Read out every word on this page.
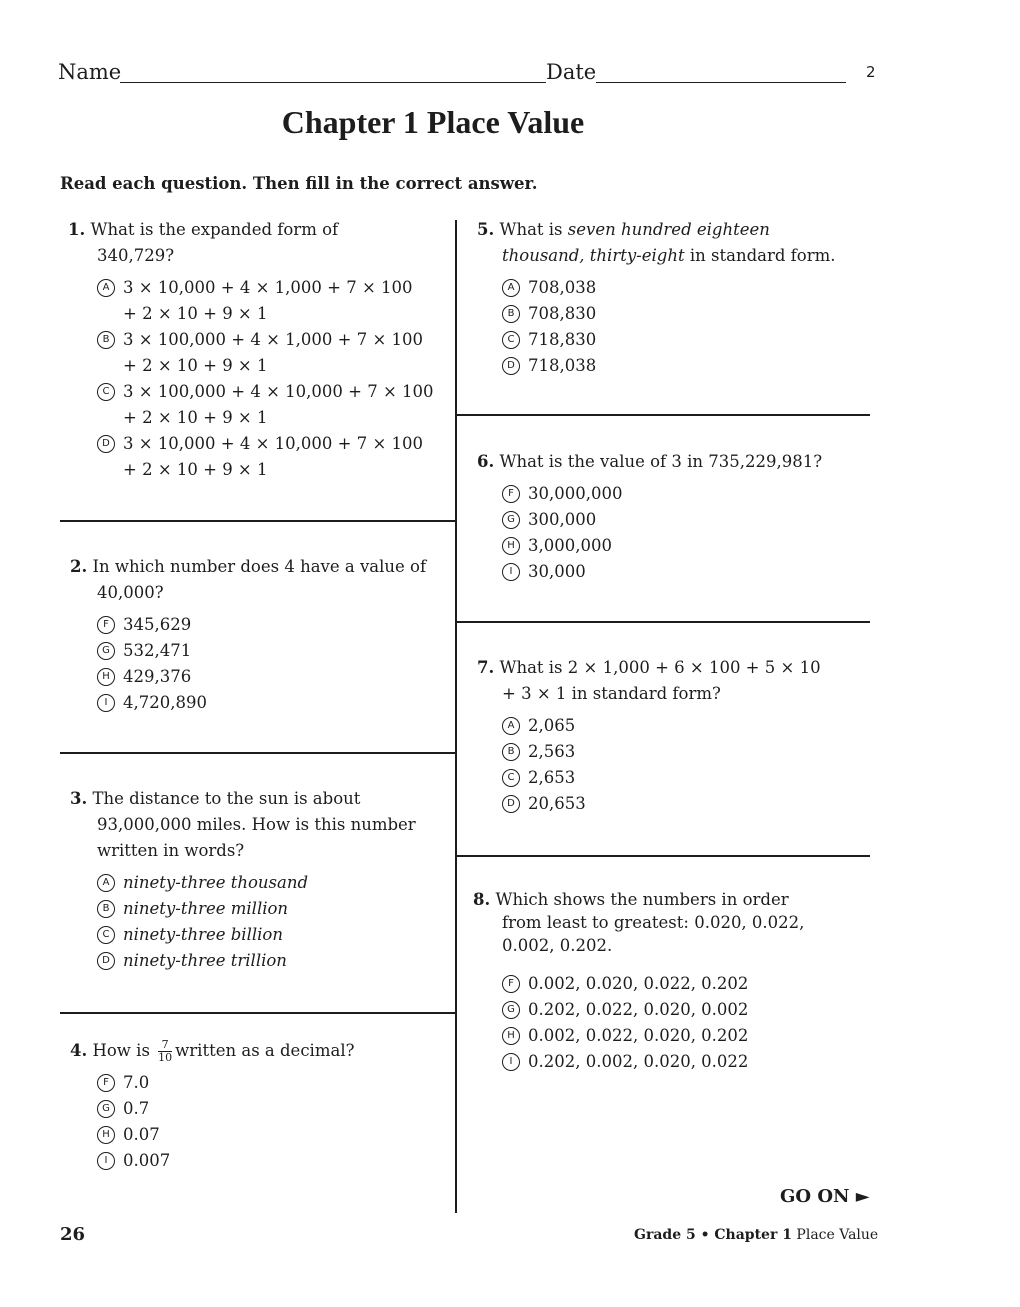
Name	Date	2
Chapter 1 Place Value
Read each question. Then fill in the correct answer.
1. What is the expanded form of
340,729?
A 3 × 10,000 + 4 × 1,000 + 7 × 100
+ 2 × 10 + 9 × 1
B 3 × 100,000 + 4 × 1,000 + 7 × 100
+ 2 × 10 + 9 × 1
C 3 × 100,000 + 4 × 10,000 + 7 × 100
+ 2 × 10 + 9 × 1
D 3 × 10,000 + 4 × 10,000 + 7 × 100
+ 2 × 10 + 9 × 1
2. In which number does 4 have a value of
40,000?
F 345,629
G 532,471
H 429,376
I 4,720,890
3. The distance to the sun is about
93,000,000 miles. How is this number
written in words?
A ninety-three thousand
B ninety-three million
C ninety-three billion
D ninety-three trillion
4. How is $\frac{7}{10}$ written as a decimal?
F 7.0
G 0.7
H 0.07
I 0.007
5. What is seven hundred eighteen
thousand, thirty-eight in standard form.
A 708,038
B 708,830
C 718,830
D 718,038
6. What is the value of 3 in 735,229,981?
F 30,000,000
G 300,000
H 3,000,000
I 30,000
7. What is 2 × 1,000 + 6 × 100 + 5 × 10
+ 3 × 1 in standard form?
A 2,065
B 2,563
C 2,653
D 20,653
8. Which shows the numbers in order
from least to greatest: 0.020, 0.022,
0.002, 0.202.
F 0.002, 0.020, 0.022, 0.202
G 0.202, 0.022, 0.020, 0.002
H 0.002, 0.022, 0.020, 0.202
I 0.202, 0.002, 0.020, 0.022
GO ON ►
26	Grade 5 • Chapter 1 Place Value
